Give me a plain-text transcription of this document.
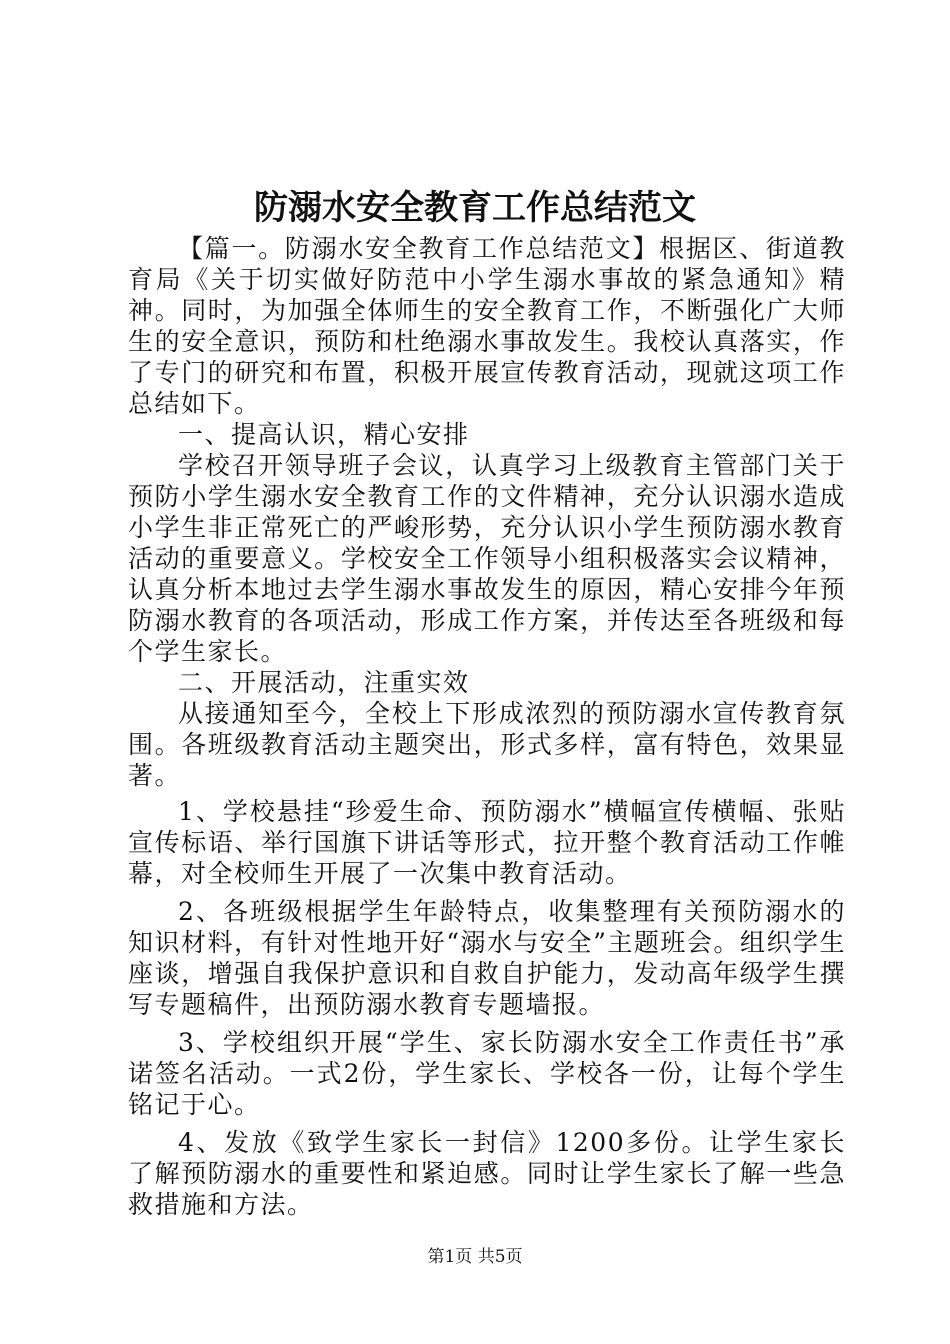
防溺水安全教育工作总结范文

【篇一。防溺水安全教育工作总结范文】根据区、街道教育局《关于切实做好防范中小学生溺水事故的紧急通知》精神。同时，为加强全体师生的安全教育工作，不断强化广大师生的安全意识，预防和杜绝溺水事故发生。我校认真落实，作了专门的研究和布置，积极开展宣传教育活动，现就这项工作总结如下。

一、提高认识，精心安排

学校召开领导班子会议，认真学习上级教育主管部门关于预防小学生溺水安全教育工作的文件精神，充分认识溺水造成小学生非正常死亡的严峻形势，充分认识小学生预防溺水教育活动的重要意义。学校安全工作领导小组积极落实会议精神，认真分析本地过去学生溺水事故发生的原因，精心安排今年预防溺水教育的各项活动，形成工作方案，并传达至各班级和每个学生家长。

二、开展活动，注重实效

从接通知至今，全校上下形成浓烈的预防溺水宣传教育氛围。各班级教育活动主题突出，形式多样，富有特色，效果显著。

1、学校悬挂“珍爱生命、预防溺水”横幅宣传横幅、张贴宣传标语、举行国旗下讲话等形式，拉开整个教育活动工作帷幕，对全校师生开展了一次集中教育活动。

2、各班级根据学生年龄特点，收集整理有关预防溺水的知识材料，有针对性地开好“溺水与安全”主题班会。组织学生座谈，增强自我保护意识和自救自护能力，发动高年级学生撰写专题稿件，出预防溺水教育专题墙报。

3、学校组织开展“学生、家长防溺水安全工作责任书”承诺签名活动。一式2份，学生家长、学校各一份，让每个学生铭记于心。

4、发放《致学生家长一封信》1200多份。让学生家长了解预防溺水的重要性和紧迫感。同时让学生家长了解一些急救措施和方法。

第1页 共5页
